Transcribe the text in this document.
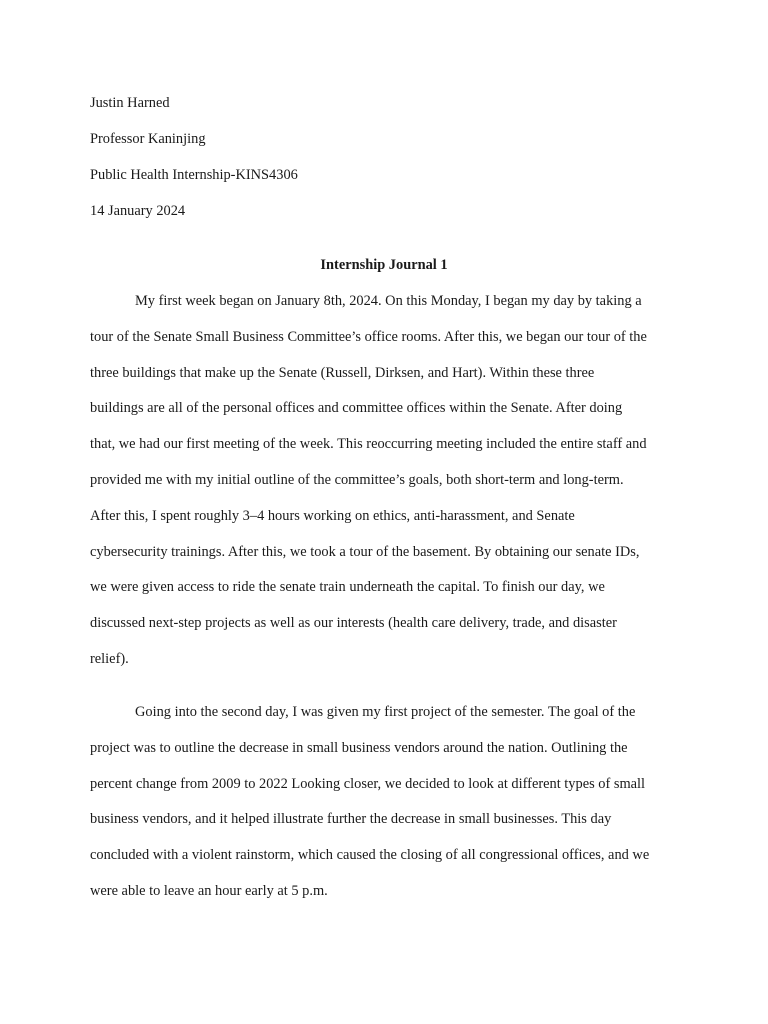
Justin Harned
Professor Kaninjing
Public Health Internship-KINS4306
14 January 2024
Internship Journal 1
My first week began on January 8th, 2024. On this Monday, I began my day by taking a
tour of the Senate Small Business Committee’s office rooms. After this, we began our tour of the
three buildings that make up the Senate (Russell, Dirksen, and Hart). Within these three
buildings are all of the personal offices and committee offices within the Senate. After doing
that, we had our first meeting of the week. This reoccurring meeting included the entire staff and
provided me with my initial outline of the committee’s goals, both short-term and long-term.
After this, I spent roughly 3–4 hours working on ethics, anti-harassment, and Senate
cybersecurity trainings. After this, we took a tour of the basement. By obtaining our senate IDs,
we were given access to ride the senate train underneath the capital. To finish our day, we
discussed next-step projects as well as our interests (health care delivery, trade, and disaster
relief).
Going into the second day, I was given my first project of the semester. The goal of the
project was to outline the decrease in small business vendors around the nation. Outlining the
percent change from 2009 to 2022 Looking closer, we decided to look at different types of small
business vendors, and it helped illustrate further the decrease in small businesses. This day
concluded with a violent rainstorm, which caused the closing of all congressional offices, and we
were able to leave an hour early at 5 p.m.
